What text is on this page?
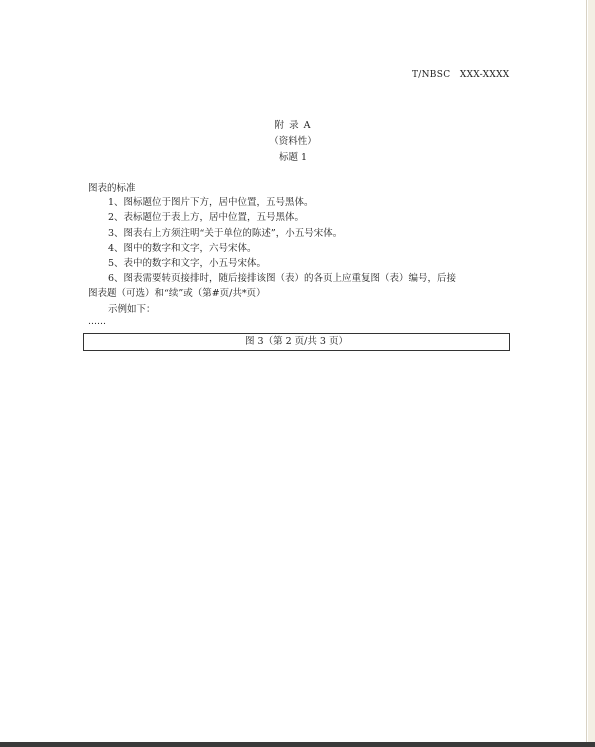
T/NBSC   XXX-XXXX
附 录 A
（资料性）
标题 1
图表的标准
1、图标题位于图片下方，居中位置，五号黑体。
2、表标题位于表上方，居中位置，五号黑体。
3、图表右上方须注明“关于单位的陈述”，小五号宋体。
4、图中的数字和文字，六号宋体。
5、表中的数字和文字，小五号宋体。
6、图表需要转页接排时，随后接排该图（表）的各页上应重复图（表）编号，后接
图表题（可选）和“续”或（第#页/共*页）
示例如下：
……
图 3（第 2 页/共 3 页）
